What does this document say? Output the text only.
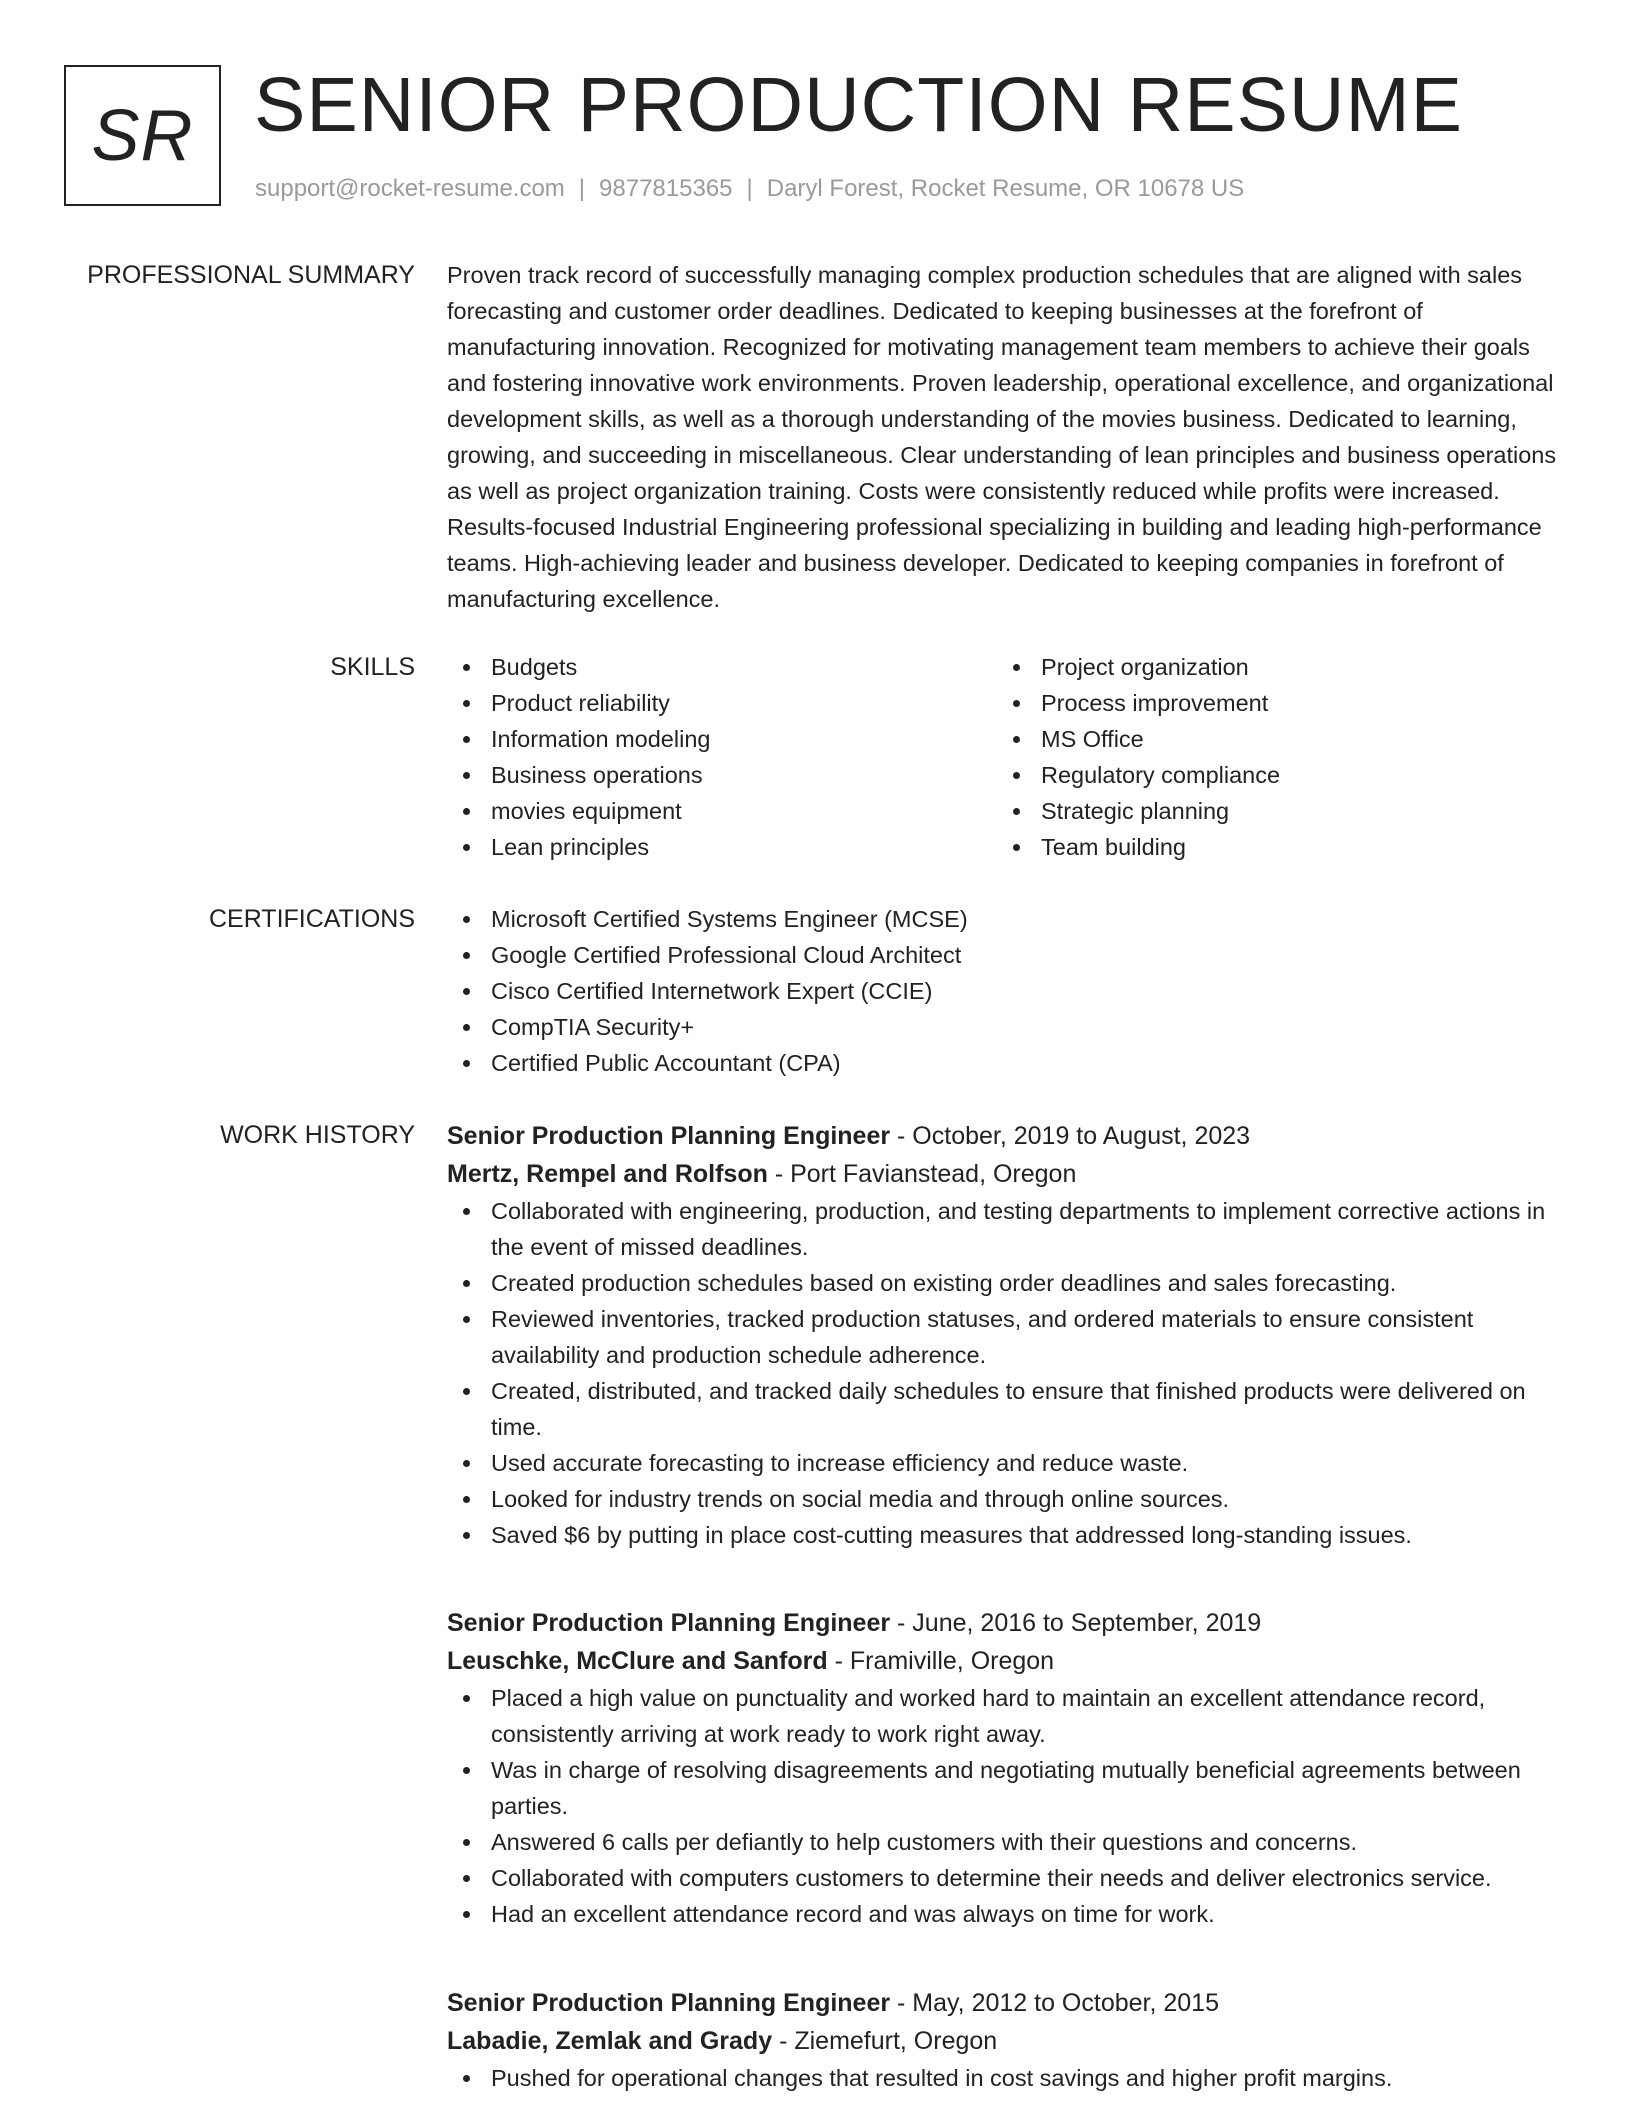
SR SENIOR PRODUCTION RESUME
support@rocket-resume.com | 9877815365 | Daryl Forest, Rocket Resume, OR 10678 US
PROFESSIONAL SUMMARY Proven track record of successfully managing complex production schedules that are aligned with sales forecasting and customer order deadlines. Dedicated to keeping businesses at the forefront of manufacturing innovation. Recognized for motivating management team members to achieve their goals and fostering innovative work environments. Proven leadership, operational excellence, and organizational development skills, as well as a thorough understanding of the movies business. Dedicated to learning, growing, and succeeding in miscellaneous. Clear understanding of lean principles and business operations as well as project organization training. Costs were consistently reduced while profits were increased. Results-focused Industrial Engineering professional specializing in building and leading high-performance teams. High-achieving leader and business developer. Dedicated to keeping companies in forefront of manufacturing excellence.

SKILLS	Budgets
Product reliability
Information modeling
Business operations
movies equipment
Lean principles
Project organization
Process improvement
MS Office
Regulatory compliance
Strategic planning
Team building
CERTIFICATIONS	Microsoft Certified Systems Engineer (MCSE)
Google Certified Professional Cloud Architect
Cisco Certified Internetwork Expert (CCIE)
CompTIA Security+
Certified Public Accountant (CPA)
WORK HISTORY Senior Production Planning Engineer - October, 2019 to August, 2023
Mertz, Rempel and Rolfson - Port Favianstead, Oregon
Collaborated with engineering, production, and testing departments to implement corrective actions in the event of missed deadlines.
Created production schedules based on existing order deadlines and sales forecasting.
Reviewed inventories, tracked production statuses, and ordered materials to ensure consistent availability and production schedule adherence.
Created, distributed, and tracked daily schedules to ensure that finished products were delivered on time.
Used accurate forecasting to increase efficiency and reduce waste.
Looked for industry trends on social media and through online sources.
Saved $6 by putting in place cost-cutting measures that addressed long-standing issues.
Senior Production Planning Engineer - June, 2016 to September, 2019
Leuschke, McClure and Sanford - Framiville, Oregon
Placed a high value on punctuality and worked hard to maintain an excellent attendance record, consistently arriving at work ready to work right away.
Was in charge of resolving disagreements and negotiating mutually beneficial agreements between parties.
Answered 6 calls per defiantly to help customers with their questions and concerns.
Collaborated with computers customers to determine their needs and deliver electronics service.
Had an excellent attendance record and was always on time for work.
Senior Production Planning Engineer - May, 2012 to October, 2015
Labadie, Zemlak and Grady - Ziemefurt, Oregon
Pushed for operational changes that resulted in cost savings and higher profit margins.
